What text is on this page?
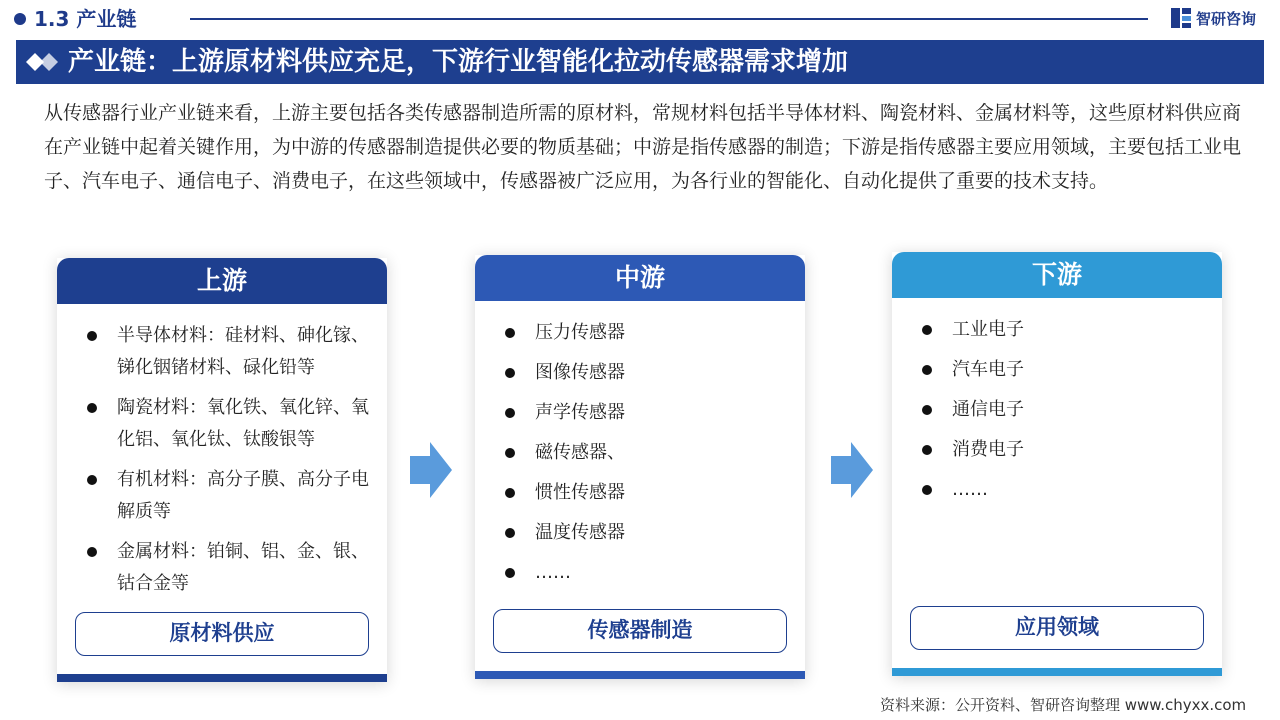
1.3 产业链	智研咨询
产业链：上游原材料供应充足，下游行业智能化拉动传感器需求增加

从传感器行业产业链来看，上游主要包括各类传感器制造所需的原材料，常规材料包括半导体材料、陶瓷材料、金属材料等，这些原材料供应商在产业链中起着关键作用，为中游的传感器制造提供必要的物质基础；中游是指传感器的制造；下游是指传感器主要应用领域，主要包括工业电子、汽车电子、通信电子、消费电子，在这些领域中，传感器被广泛应用，为各行业的智能化、自动化提供了重要的技术支持。

上游
半导体材料：硅材料、砷化镓、锑化铟锗材料、碌化铅等
陶瓷材料：氧化铁、氧化锌、氧化铝、氧化钛、钛酸银等
有机材料：高分子膜、高分子电解质等
金属材料：铂铜、铝、金、银、钴合金等
原材料供应
中游
压力传感器
图像传感器
声学传感器
磁传感器、
惯性传感器
温度传感器
……
传感器制造
下游
工业电子
汽车电子
通信电子
消费电子
……
应用领域
资料来源：公开资料、智研咨询整理 www.chyxx.com
